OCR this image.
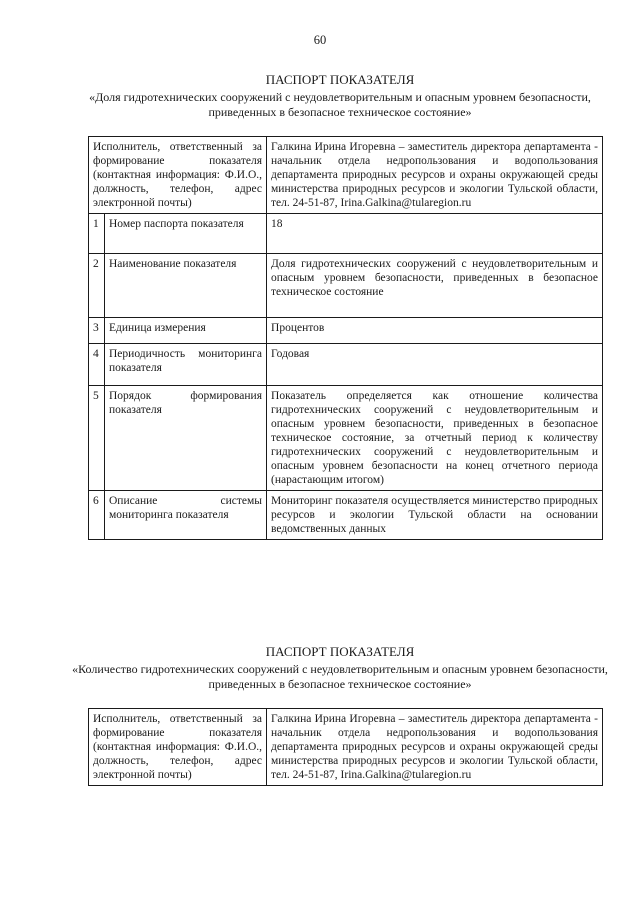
60
ПАСПОРТ ПОКАЗАТЕЛЯ
«Доля гидротехнических сооружений с неудовлетворительным и опасным уровнем безопасности, приведенных в безопасное техническое состояние»
Исполнитель, ответственный за формирование показателя (контактная информация: Ф.И.О., должность, телефон, адрес электронной почты)		Галкина Ирина Игоревна – заместитель директора департамента - начальник отдела недропользования и водопользования департамента природных ресурсов и охраны окружающей среды министерства природных ресурсов и экологии Тульской области, тел. 24-51-87, Irina.Galkina@tularegion.ru
1	Номер паспорта показателя	18
2	Наименование показателя	Доля гидротехнических сооружений с неудовлетворительным и опасным уровнем безопасности, приведенных в безопасное техническое состояние
3	Единица измерения	Процентов
4	Периодичность мониторинга показателя	Годовая
5	Порядок формирования показателя	Показатель определяется как отношение количества гидротехнических сооружений с неудовлетворительным и опасным уровнем безопасности, приведенных в безопасное техническое состояние, за отчетный период к количеству гидротехнических сооружений с неудовлетворительным и опасным уровнем безопасности на конец отчетного периода (нарастающим итогом)
6	Описание системы мониторинга показателя	Мониторинг показателя осуществляется министерство природных ресурсов и экологии Тульской области на основании ведомственных данных
ПАСПОРТ ПОКАЗАТЕЛЯ
«Количество гидротехнических сооружений с неудовлетворительным и опасным уровнем безопасности, приведенных в безопасное техническое состояние»
Исполнитель, ответственный за формирование показателя (контактная информация: Ф.И.О., должность, телефон, адрес электронной почты)	Галкина Ирина Игоревна – заместитель директора департамента - начальник отдела недропользования и водопользования департамента природных ресурсов и охраны окружающей среды министерства природных ресурсов и экологии Тульской области, тел. 24-51-87, Irina.Galkina@tularegion.ru
